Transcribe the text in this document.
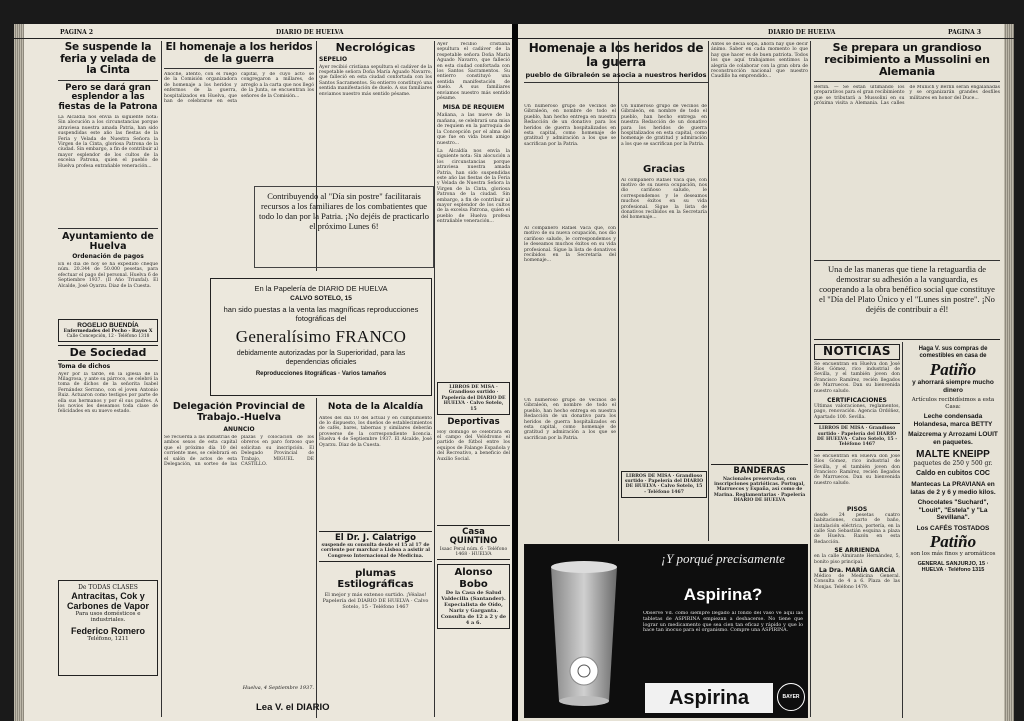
PAGINA 2	DIARIO DE HUELVA
Se suspende la feria y velada de la Cinta
Pero se dará gran esplendor a las fiestas de la Patrona
La Alcaldía nos envía la siguiente nota: Sin alocución a los circunstancias porque atraviesa nuestra amada Patria, han sido suspendidas este año las fiestas de la Feria y Velada de Nuestra Señora la Virgen de la Cinta, gloriosa Patrona de la ciudad. Sin embargo, a fin de contribuir al mayor esplendor de los cultos de la excelsa Patrona, quien el pueblo de Huelva profesa entrañable veneración...
Ayuntamiento de Huelva
Ordenación de pagos
En el día de hoy se ha expedido cheque núm. 20.344 de 50.000 pesetas, para efectuar el pago del personal. Huelva 6 de Septiembre 1937. (II Año Triunfal). El Alcalde, José Oyarzu. Diaz de la Cuesta.
ROGELIO BUENDÍA
Enfermedades del Pecho - Rayos X
Calle Concepción, 12 · Teléfono 1318
De Sociedad
Toma de dichos
Ayer por la tarde, en la iglesia de la Milagrosa, y ante su párroco, se celebró la toma de dichos de la señorita Isabel Fernández Serrano, con el joven Antonio Ruiz. Actuaron como testigos por parte de ella sus hermanos y por él sus padres. A los novios les deseamos toda clase de felicidades en su nuevo estado.
De TODAS CLASES
Antracitas, Cok y Carbones de Vapor
Para usos domésticos e industriales.
Federico Romero
Teléfono, 1211
El homenaje a los heridos de la guerra
Anoche, atento, con el ruego de la Comisión organizadora de homenaje a los heridos y enfermos de la guerra, hospitalizados en Huelva, que han de celebrarse en esta capital, y de cuyo acto se congregaron a millares, de arreglo a la carta que nos llegó de la Junta, se encuentran los señores de la Comisión...
Contribuyendo al "Día sin postre" facilitarais recursos a los familiares de los combatientes que todo lo dan por la Patria. ¡No dejéis de practicarlo el próximo Lunes 6!
Necrológicas
SEPELIO
Ayer recibió cristiana sepultura el cadáver de la respetable señora Doña María Aguado Navarro, que falleció en esta ciudad confortada con los Santos Sacramentos. Su entierro constituyó una sentida manifestación de duelo. A sus familiares enviamos nuestro más sentido pésame.
Ayer recibió cristiana sepultura el cadáver de la respetable señora Doña María Aguado Navarro, que falleció en esta ciudad confortada con los Santos Sacramentos. Su entierro constituyó una sentida manifestación de duelo. A sus familiares enviamos nuestro más sentido pésame.
MISA DE REQUIEM
Mañana, a las nueve de la mañana, se celebrará una misa de requiem en la parroquia de la Concepción por el alma del que fue en vida buen amigo nuestro...
La Alcaldía nos envía la siguiente nota: Sin alocución a los circunstancias porque atraviesa nuestra amada Patria, han sido suspendidas este año las fiestas de la Feria y Velada de Nuestra Señora la Virgen de la Cinta, gloriosa Patrona de la ciudad. Sin embargo, a fin de contribuir al mayor esplendor de los cultos de la excelsa Patrona, quien el pueblo de Huelva profesa entrañable veneración...
En la Papelería de DIARIO DE HUELVA
CALVO SOTELO, 15
han sido puestas a la venta las magníficas reproducciones fotográficas del
Generalísimo FRANCO
debidamente autorizadas por la Superioridad, para las dependencias oficiales
Reproducciones litográficas · Varios tamaños
Delegación Provincial de Trabajo.-Huelva
ANUNCIO
Se recuerda a las industrias de ambos sexos de esta capital que el próximo día 10 del corriente mes, se celebrará en el salón de actos de esta Delegación, un sorteo de las plazas y colocación de los obreros en paro forzoso que solicitan su inscripción. El Delegado Provincial de Trabajo, MIGUEL DE CASTILLO.
Huelva, 4 Septiembre 1937.
Lea V. el DIARIO
Nota de la Alcaldía
Antes del día 10 del actual y en cumplimiento de lo dispuesto, los dueños de establecimientos de cafés, bares, tabernas y similares deberán proveerse de la correspondiente licencia. Huelva 4 de Septiembre 1937. El Alcalde, José Oyarzu. Diaz de la Cuesta.
El Dr. J. Calatrigo
suspende su consulta desde el 15 al 17 de corriente por marchar a Lisboa a asistir al Congreso Internacional de Medicina.
plumas Estilográficas
El mejor y más extenso surtido. ¡Véalas! Papelería del DIARIO DE HUELVA · Calvo Sotelo, 15 - Teléfono 1467
LIBROS DE MISA · Grandioso surtido · Papelería del DIARIO DE HUELVA · Calvo Sotelo, 15
Deportivas
Hoy domingo se celebrará en el campo del Velódromo el partido de fútbol entre los equipos de Falange Española y del Recreativo, a beneficio del Auxilio Social.
Casa QUINTINO
Isaac Peral núm. 6 · Teléfono 1468 · HUELVA
Alonso Bobo
De la Casa de Salud Valdecilla (Santander). Especialista de Oído, Nariz y Garganta. Consulta de 12 a 2 y de 4 a 6.
DIARIO DE HUELVA	PAGINA 3
Homenaje a los heridos de la guerra
pueblo de Gibraleón se asocia a nuestros heridos
Un numeroso grupo de vecinos de Gibraleón, en nombre de todo el pueblo, han hecho entrega en nuestra Redacción de un donativo para los heridos de guerra hospitalizados en esta capital, como homenaje de gratitud y admiración a los que se sacrifican por la Patria.
Al compañero Rafael Vaca que, con motivo de su nueva ocupación, nos dio cariñoso saludo, le correspondemos y le deseamos muchos éxitos en su vida profesional. Sigue la lista de donativos recibidos en la Secretaría del homenaje...
Un numeroso grupo de vecinos de Gibraleón, en nombre de todo el pueblo, han hecho entrega en nuestra Redacción de un donativo para los heridos de guerra hospitalizados en esta capital, como homenaje de gratitud y admiración a los que se sacrifican por la Patria.
Un numeroso grupo de vecinos de Gibraleón, en nombre de todo el pueblo, han hecho entrega en nuestra Redacción de un donativo para los heridos de guerra hospitalizados en esta capital, como homenaje de gratitud y admiración a los que se sacrifican por la Patria.
Gracias
Al compañero Rafael Vaca que, con motivo de su nueva ocupación, nos dio cariñoso saludo, le correspondemos y le deseamos muchos éxitos en su vida profesional. Sigue la lista de donativos recibidos en la Secretaría del homenaje...
LIBROS DE MISA · Grandioso surtido · Papelería del DIARIO DE HUELVA · Calvo Sotelo, 15 - Teléfono 1467
Antes se decía sopa, ahora hay que decir ánimo. Saber en cada momento lo que hay que hacer es de buen patriota. Todos los que aquí trabajamos sentimos la alegría de colaborar con la gran obra de reconstrucción nacional que nuestro Caudillo ha emprendido...
BANDERAS
Nacionales preservadas, con inscripciones patrióticas. Portugal, Marruecos y España, así como de Marina. Reglamentarias · Papelería DIARIO DE HUELVA
Se prepara un grandioso recibimiento a Mussolini en Alemania
Berlín. — Se están ultimando los preparativos para el gran recibimiento que se tributará a Mussolini en su próxima visita a Alemania. Las calles de Munich y Berlín serán engalanadas y se organizarán grandes desfiles militares en honor del Duce...
Una de las maneras que tiene la retaguardia de demostrar su adhesión a la vanguardia, es cooperando a la obra benéfico social que constituye el "Día del Plato Único y el "Lunes sin postre". ¡No dejéis de contribuir a él!
NOTICIAS
Se encuentran en Huelva don José Ríos Gómez, rico industrial de Sevilla, y el también joven don Francisco Ramírez, recién llegados de Marruecos. Dan su bienvenida nuestro saludo.
CERTIFICACIONES
Ultimas valoraciones, reglamentos, pago, renovación. Agencia Ordóñez, Apartado 100. Sevilla.
LIBROS DE MISA · Grandioso surtido · Papelería del DIARIO DE HUELVA · Calvo Sotelo, 15 - Teléfono 1467
Se encuentran en Huelva don José Ríos Gómez, rico industrial de Sevilla, y el también joven don Francisco Ramírez, recién llegados de Marruecos. Dan su bienvenida nuestro saludo.
PISOS
desde 24 pesetas cuatro habitaciones, cuarto de baño, instalación eléctrica, portería, en la calle San Sebastián esquina a plaza de Huelva. Razón en esta Redacción.
SE ARRIENDA
en la calle Almirante Hernández, 5, bonito piso principal.
La Dra. MARÍA GARCÍA
Médico de Medicina General. Consulta de 4 a 6. Plaza de las Monjas. Teléfono 1479.
Haga V. sus compras de comestibles en casa de
Patiño
y ahorrará siempre mucho dinero
Artículos recibidísimos a esta Casa:
Leche condensada Holandesa, marca BETTY
Maizcrema y Arrozami LOUIT en paquetes.
MALTE KNEIPP
paquetes de 250 y 500 gr.
Caldo en cubitos COC
Mantecas La PRAVIANA en latas de 2 y 6 y medio kilos.
Chocolates "Suchard", "Louit", "Estela" y "La Sevillana".
Los CAFÉS TOSTADOS
Patiño
son los más finos y aromáticos
GENERAL SANJURJO, 15 · HUELVA · Teléfono 1315
¡Y porqué precisamente
Aspirina?
Observe Vd. como siempre llegado al fondo del vaso ve aquí las tabletas de ASPIRINA empiezan a deshacerse. No tiene que lograr un medicamento que sea cien tan eficaz y rápido y que lo hace tan inocuo para el organismo. Compre una ASPIRINA.
Aspirina	BAYER
